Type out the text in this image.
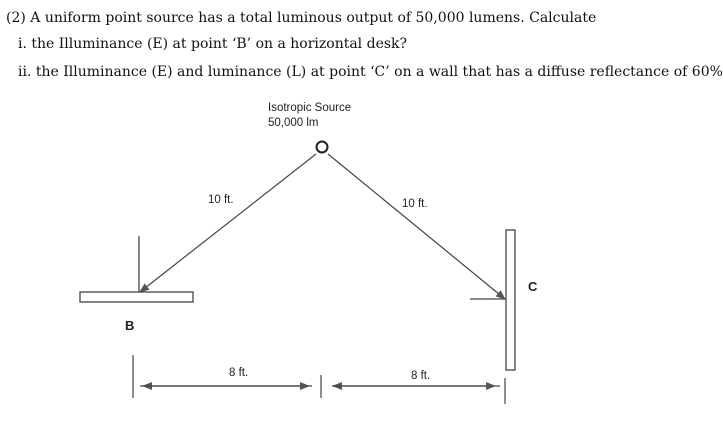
(2) A uniform point source has a total luminous output of 50,000 lumens. Calculate
i. the Illuminance (E) at point ‘B’ on a horizontal desk?
ii. the Illuminance (E) and luminance (L) at point ‘C’ on a wall that has a diffuse reflectance of 60%
Isotropic Source
50,000 lm
10 ft.	10 ft.
B
C
8 ft.	8 ft.
